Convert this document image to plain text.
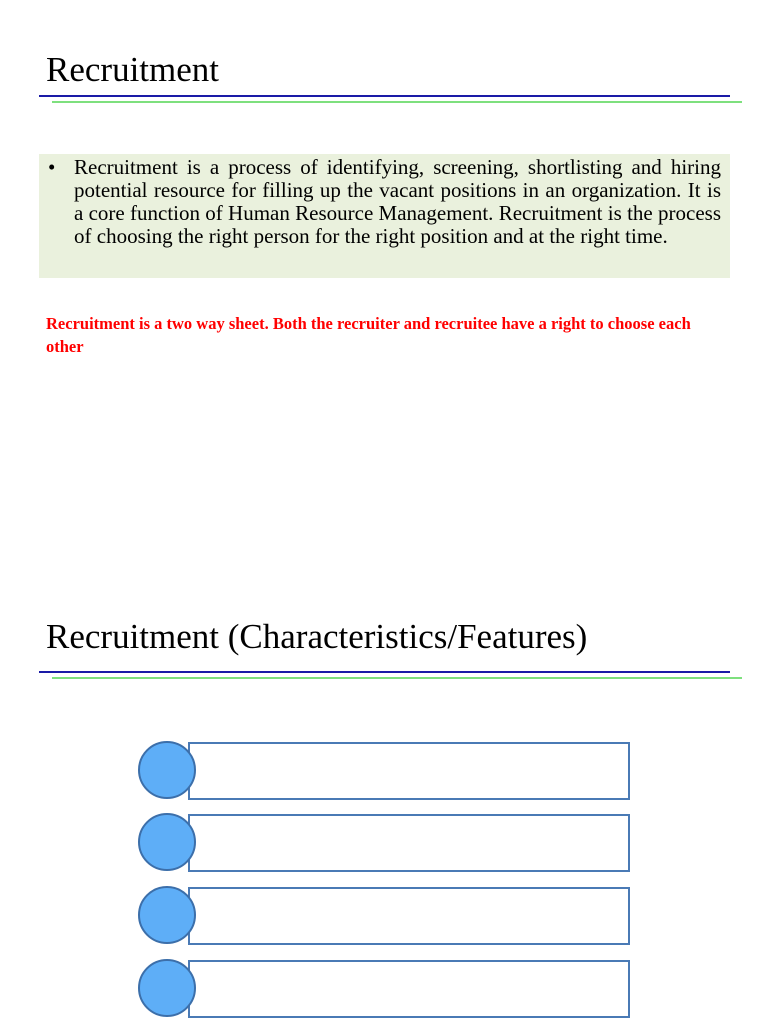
Recruitment
• Recruitment is a process of identifying, screening, shortlisting and hiring potential resource for filling up the vacant positions in an organization. It is a core function of Human Resource Management. Recruitment is the process of choosing the right person for the right position and at the right time.

Recruitment is a two way sheet. Both the recruiter and recruitee have a right to choose each other

Recruitment (Characteristics/Features)
